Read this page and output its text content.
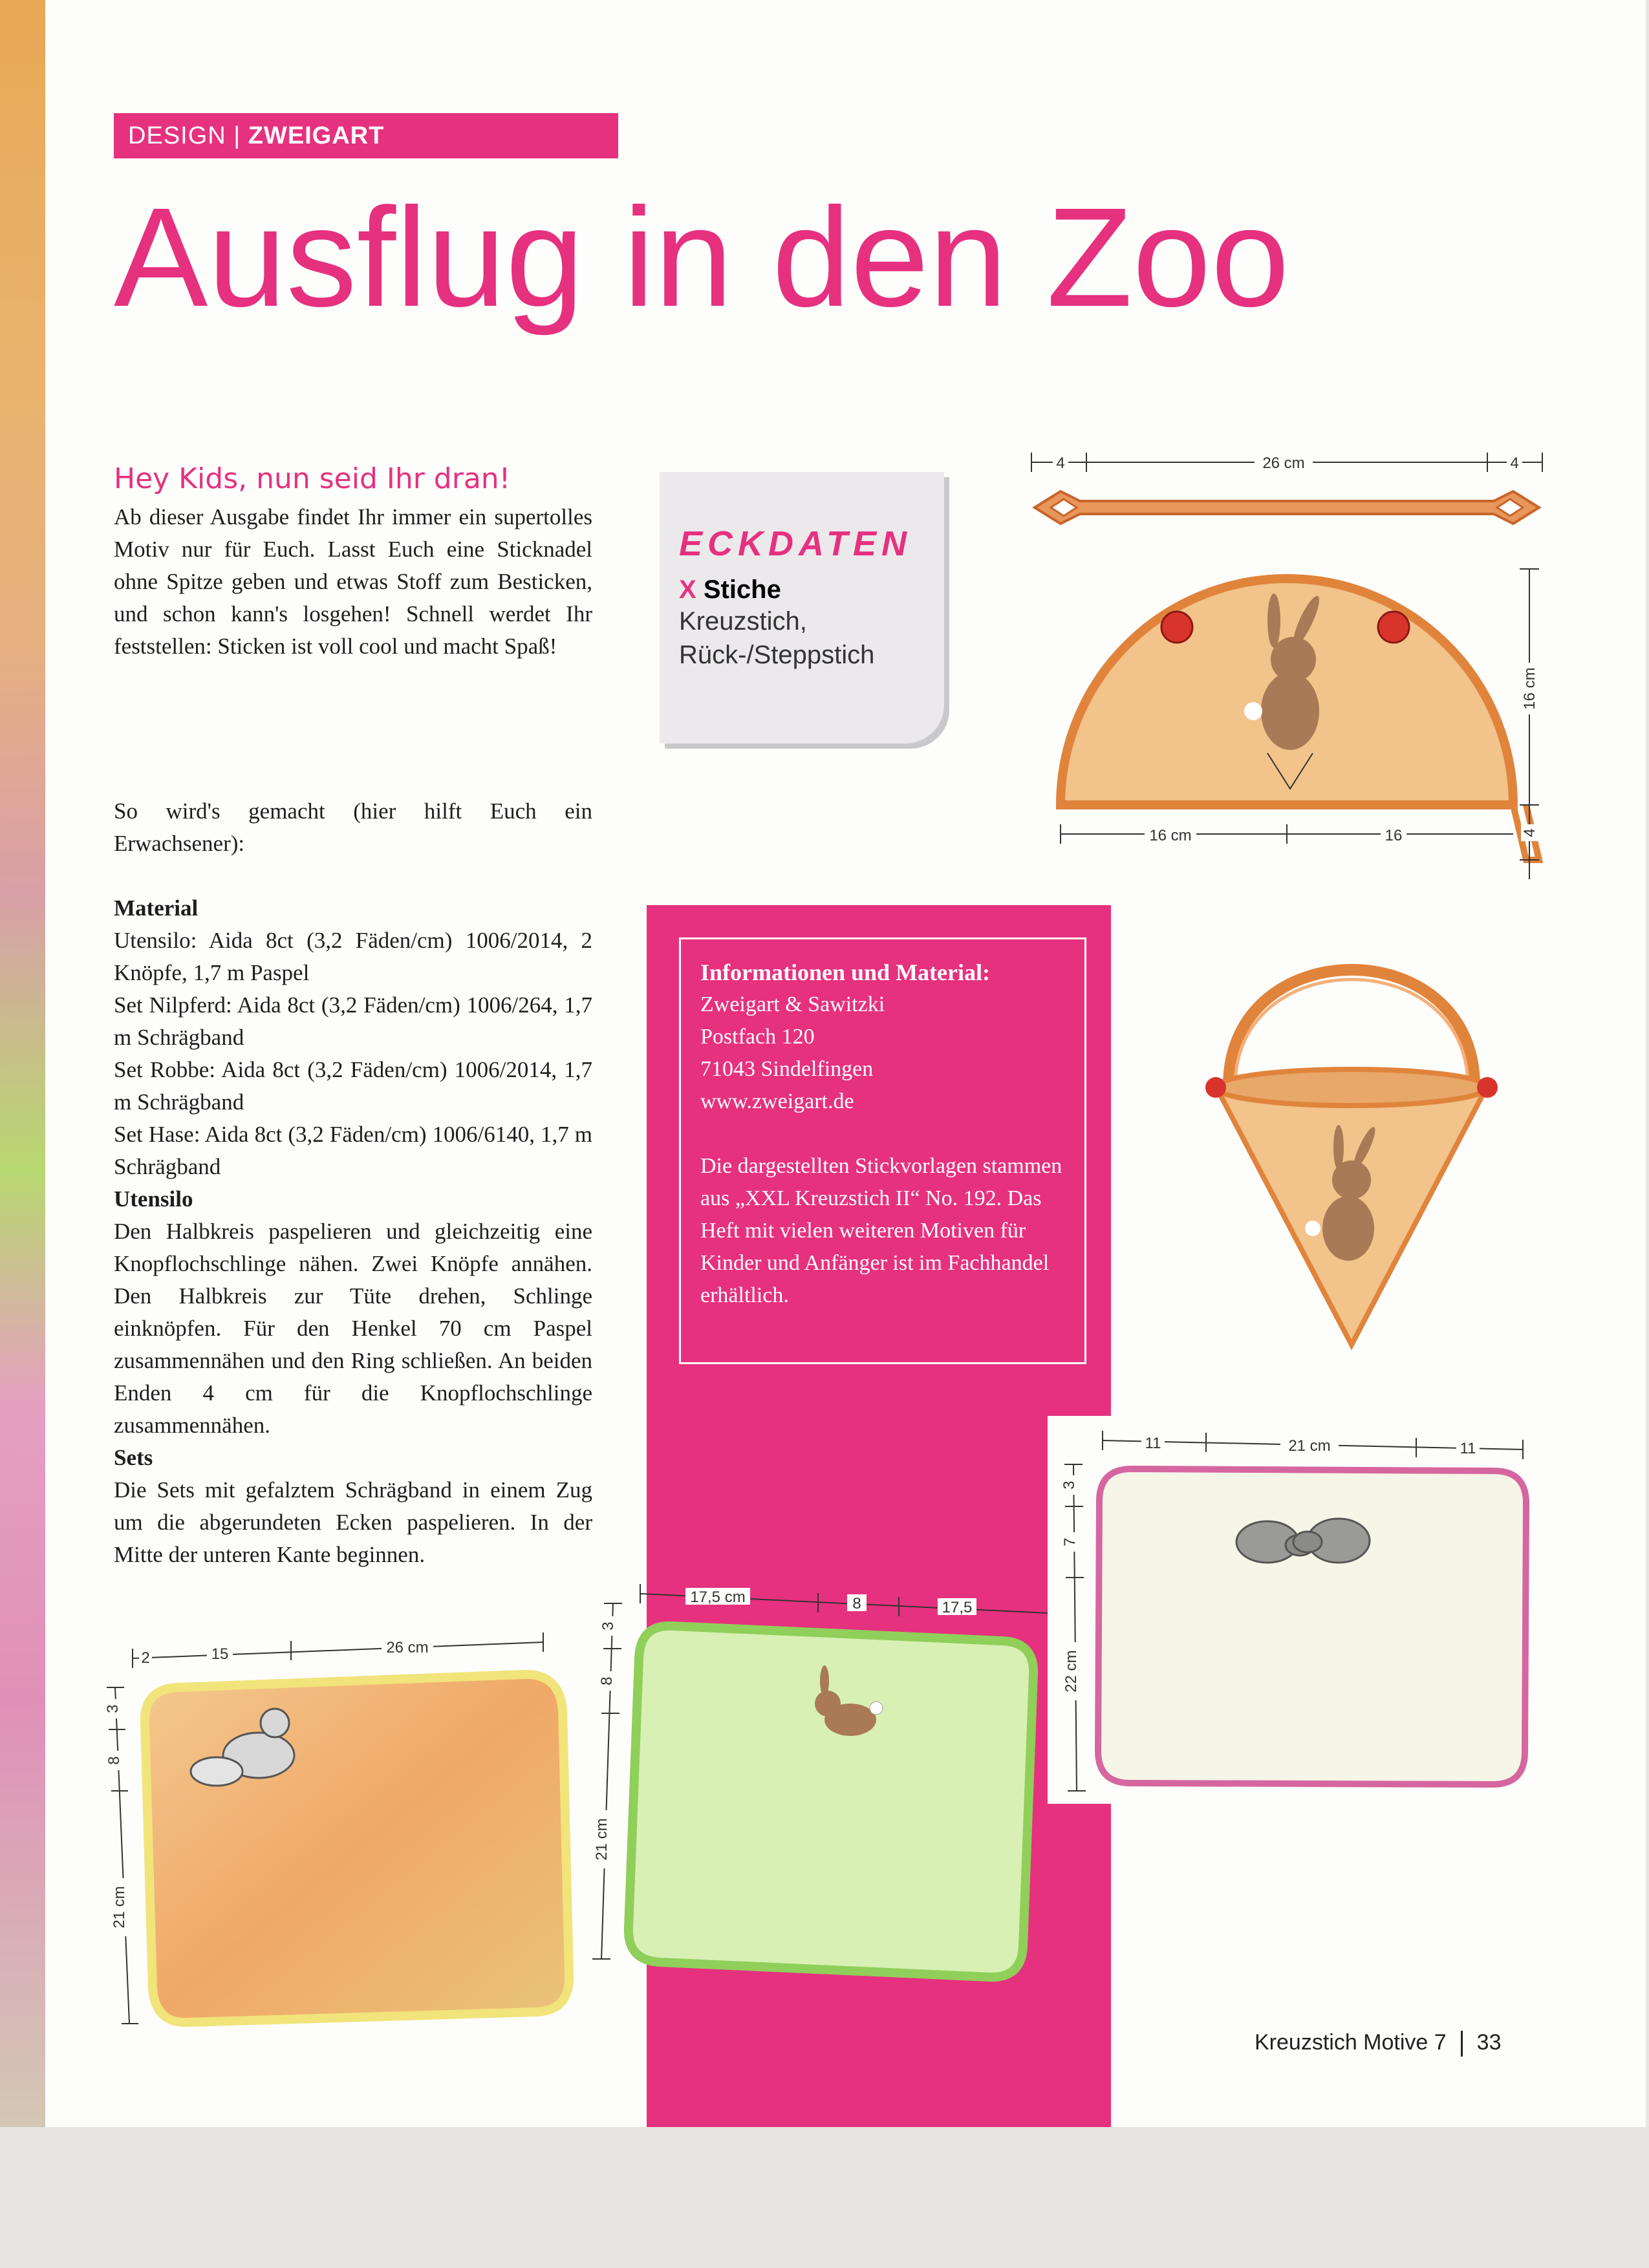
DESIGN | ZWEIGART
Ausflug in den Zoo
Hey Kids, nun seid Ihr dran!

Ab dieser Ausgabe findet Ihr immer ein supertolles Motiv nur für Euch. Lasst Euch eine Sticknadel ohne Spitze geben und etwas Stoff zum Besticken, und schon kann's losgehen! Schnell werdet Ihr feststellen: Sticken ist voll cool und macht Spaß!

So wird's gemacht (hier hilft Euch ein Erwachsener):

Material

Utensilo: Aida 8ct (3,2 Fäden/cm) 1006/2014, 2 Knöpfe, 1,7 m Paspel

Set Nilpferd: Aida 8ct (3,2 Fäden/cm) 1006/264, 1,7 m Schrägband

Set Robbe: Aida 8ct (3,2 Fäden/cm) 1006/2014, 1,7 m Schrägband

Set Hase: Aida 8ct (3,2 Fäden/cm) 1006/6140, 1,7 m Schrägband

Utensilo

Den Halbkreis paspelieren und gleichzeitig eine Knopflochschlinge nähen. Zwei Knöpfe annähen. Den Halbkreis zur Tüte drehen, Schlinge einknöpfen. Für den Henkel 70 cm Paspel zusammennähen und den Ring schließen. An beiden Enden 4 cm für die Knopflochschlinge zusammennähen.

Sets

Die Sets mit gefalztem Schrägband in einem Zug um die abgerundeten Ecken paspelieren. In der Mitte der unteren Kante beginnen.

ECKDATEN
X Stiche
Kreuzstich,
Rück-/Steppstich
Informationen und Material:
Zweigart & Sawitzki
Postfach 120
71043 Sindelfingen
www.zweigart.de
Die dargestellten Stickvorlagen stammen aus „XXL Kreuzstich II“ No. 192. Das Heft mit vielen weiteren Motiven für Kinder und Anfänger ist im Fachhandel erhältlich.
4	26 cm	4
16 cm	16
16 cm
4
2	15	26 cm
3
8
21 cm
17,5 cm	8	17,5
3
8
21 cm
11	21 cm	11
3
7
22 cm
Kreuzstich Motive 7 33
